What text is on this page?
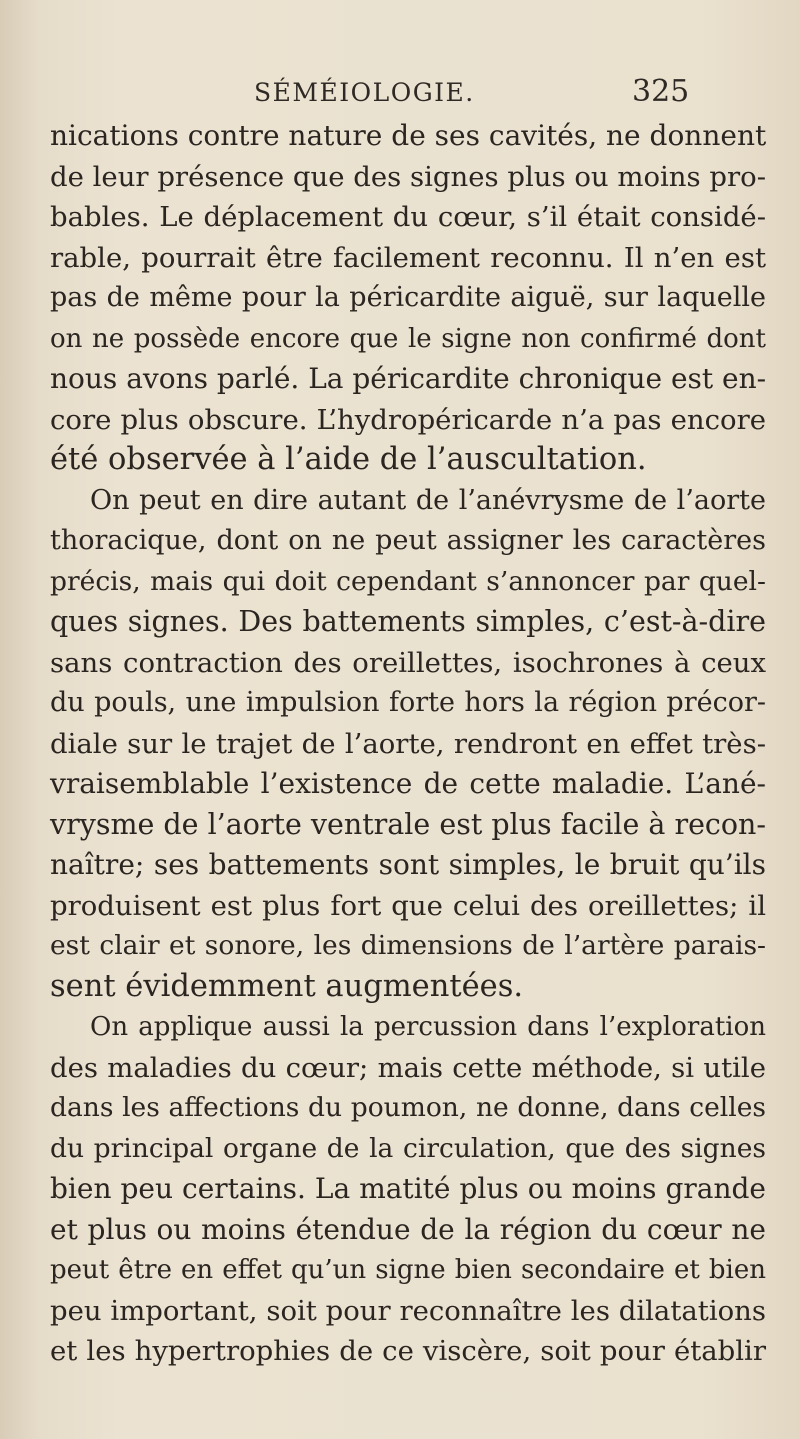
SÉMÉIOLOGIE.	325
nications contre nature de ses cavités, ne donnent
de leur présence que des signes plus ou moins pro-
bables. Le déplacement du cœur, s’il était considé-
rable, pourrait être facilement reconnu. Il n’en est
pas de même pour la péricardite aiguë, sur laquelle
on ne possède encore que le signe non confirmé dont
nous avons parlé. La péricardite chronique est en-
core plus obscure. L’hydropéricarde n’a pas encore
été observée à l’aide de l’auscultation.
On peut en dire autant de l’anévrysme de l’aorte
thoracique, dont on ne peut assigner les caractères
précis, mais qui doit cependant s’annoncer par quel-
ques signes. Des battements simples, c’est-à-dire
sans contraction des oreillettes, isochrones à ceux
du pouls, une impulsion forte hors la région précor-
diale sur le trajet de l’aorte, rendront en effet très-
vraisemblable l’existence de cette maladie. L’ané-
vrysme de l’aorte ventrale est plus facile à recon-
naître; ses battements sont simples, le bruit qu’ils
produisent est plus fort que celui des oreillettes; il
est clair et sonore, les dimensions de l’artère parais-
sent évidemment augmentées.
On applique aussi la percussion dans l’exploration
des maladies du cœur; mais cette méthode, si utile
dans les affections du poumon, ne donne, dans celles
du principal organe de la circulation, que des signes
bien peu certains. La matité plus ou moins grande
et plus ou moins étendue de la région du cœur ne
peut être en effet qu’un signe bien secondaire et bien
peu important, soit pour reconnaître les dilatations
et les hypertrophies de ce viscère, soit pour établir
